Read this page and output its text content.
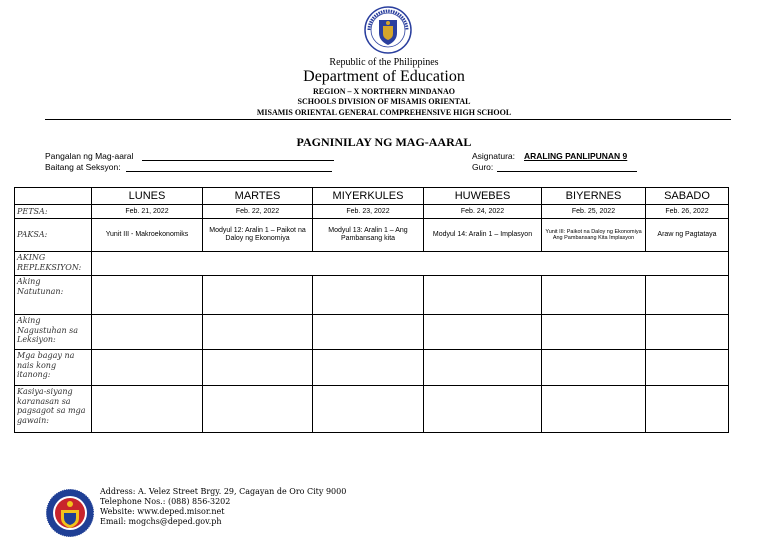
Republic of the Philippines
Department of Education
REGION – X NORTHERN MINDANAO
SCHOOLS DIVISION OF MISAMIS ORIENTAL
MISAMIS ORIENTAL GENERAL COMPREHENSIVE HIGH SCHOOL
PAGNINILAY NG MAG-AARAL
Pangalan ng Mag-aaral
Baitang at Seksyon:
Asignatura: ARALING PANLIPUNAN 9
Guro:
	LUNES	MARTES	MIYERKULES	HUWEBES	BIYERNES	SABADO
PETSA:	Feb. 21, 2022	Feb. 22, 2022	Feb. 23, 2022	Feb. 24, 2022	Feb. 25, 2022	Feb. 26, 2022
PAKSA:	Yunit III - Makroekonomiks	Modyul 12: Aralin 1 – Paikot na Daloy ng Ekonomiya	Modyul 13: Aralin 1 – Ang Pambansang kita	Modyul 14: Aralin 1 – Implasyon	Yunit III: Paikot na Daloy ng Ekonomiya Ang Pambansang Kita Implasyon	Araw ng Pagtataya
AKING REPLEKSIYON:						
Aking Natutunan:						
Aking Nagustuhan sa Leksiyon:						
Mga bagay na nais kong itanong:						
Kasiya-siyang karanasan sa pagsagot sa mga gawain:						
Address: A. Velez Street Brgy. 29, Cagayan de Oro City 9000
Telephone Nos.: (088) 856-3202
Website: www.deped.misor.net
Email: mogchs@deped.gov.ph
